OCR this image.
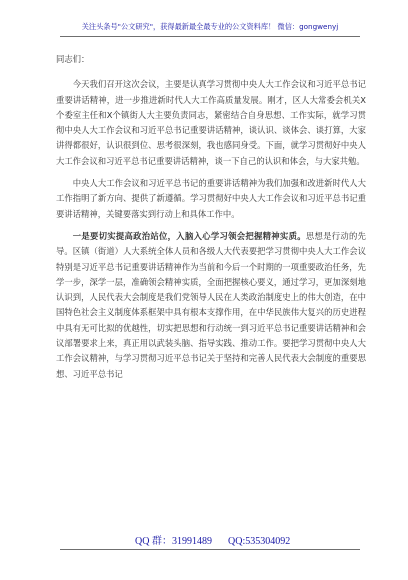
关注头条号"公文研究"，获得最新最全最专业的公文资料库！ 微信：gongwenyj

同志们：

今天我们召开这次会议，主要是认真学习贯彻中央人大工作会议和习近平总书记重要讲话精神，进一步推进新时代人大工作高质量发展。刚才，区人大常委会机关X个委室主任和X个镇街人大主要负责同志，紧密结合自身思想、工作实际，就学习贯彻中央人大工作会议和习近平总书记重要讲话精神，谈认识、谈体会、谈打算，大家讲得都很好，认识很到位、思考很深刻，我也感同身受。下面，就学习贯彻好中央人大工作会议和习近平总书记重要讲话精神，谈一下自己的认识和体会，与大家共勉。

中央人大工作会议和习近平总书记的重要讲话精神为我们加强和改进新时代人大工作指明了新方向、提供了新遵循。学习贯彻好中央人大工作会议和习近平总书记重要讲话精神，关键要落实到行动上和具体工作中。

一是要切实提高政治站位，入脑入心学习领会把握精神实质。思想是行动的先导。区镇（街道）人大系统全体人员和各级人大代表要把学习贯彻中央人大工作会议特别是习近平总书记重要讲话精神作为当前和今后一个时期的一项重要政治任务，先学一步，深学一层，准确领会精神实质，全面把握核心要义，通过学习，更加深刻地认识到，人民代表大会制度是我们党领导人民在人类政治制度史上的伟大创造，在中国特色社会主义制度体系框架中具有根本支撑作用，在中华民族伟大复兴的历史进程中具有无可比拟的优越性，切实把思想和行动统一到习近平总书记重要讲话精神和会议部署要求上来，真正用以武装头脑、指导实践、推动工作。要把学习贯彻中央人大工作会议精神，与学习贯彻习近平总书记关于坚持和完善人民代表大会制度的重要思想、习近平总书记

QQ 群：31991489 QQ:535304092
